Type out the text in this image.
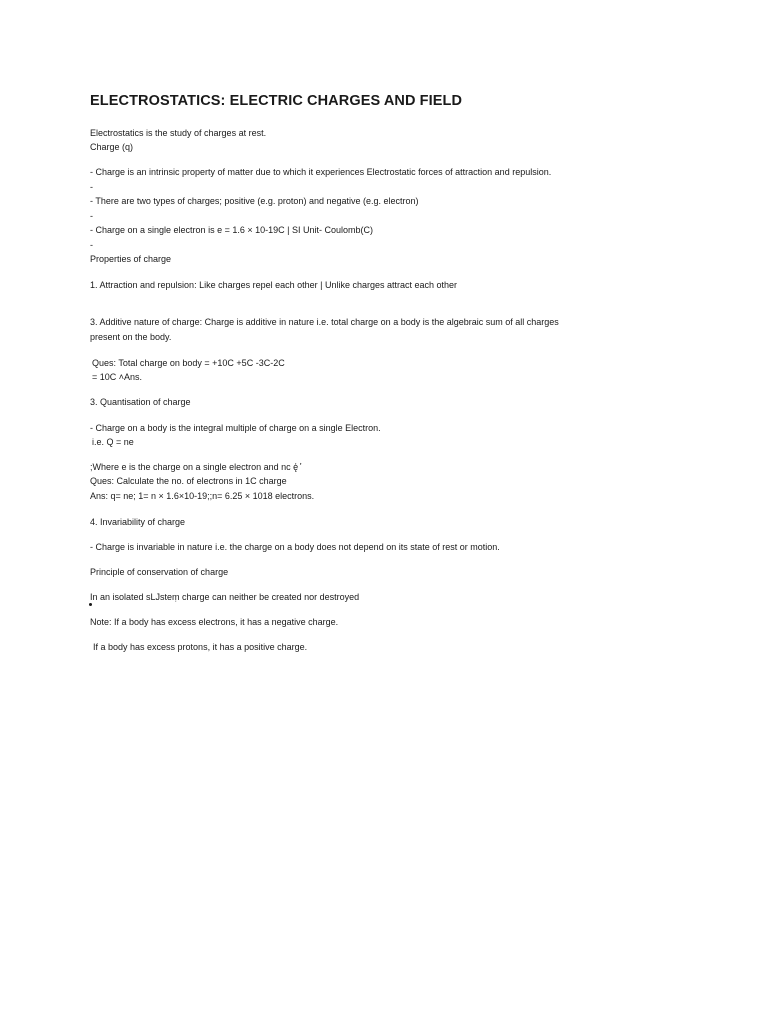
ELECTROSTATICS: ELECTRIC CHARGES AND FIELD
Electrostatics is the study of charges at rest.
Charge (q)
- Charge is an intrinsic property of matter due to which it experiences Electrostatic forces of attraction and repulsion.
-
- There are two types of charges; positive (e.g. proton) and negative (e.g. electron)
-
- Charge on a single electron is e = 1.6 × 10-19C | SI Unit- Coulomb(C)
-
Properties of charge
1. Attraction and repulsion: Like charges repel each other | Unlike charges attract each other
3. Additive nature of charge: Charge is additive in nature i.e. total charge on a body is the algebraic sum of all charges
present on the body.
Ques: Total charge on body = +10C +5C -3C-2C
= 10C ˄Ans.
3. Quantisation of charge
- Charge on a body is the integral multiple of charge on a single Electron.
i.e. Q = ne
;Where e is the charge on a single electron and nc ę͐ ͐͐
Ques: Calculate the no. of electrons in 1C charge
Ans: q= ne; 1= n × 1.6×10-19;;n= 6.25 × 1018 electrons.
4. Invariability of charge
- Charge is invariable in nature i.e. the charge on a body does not depend on its state of rest or motion.
Principle of conservation of charge
In an isolated sLJsteṃ charge can neither be created nor destroyed
Note: If a body has excess electrons, it has a negative charge.
If a body has excess protons, it has a positive charge.
